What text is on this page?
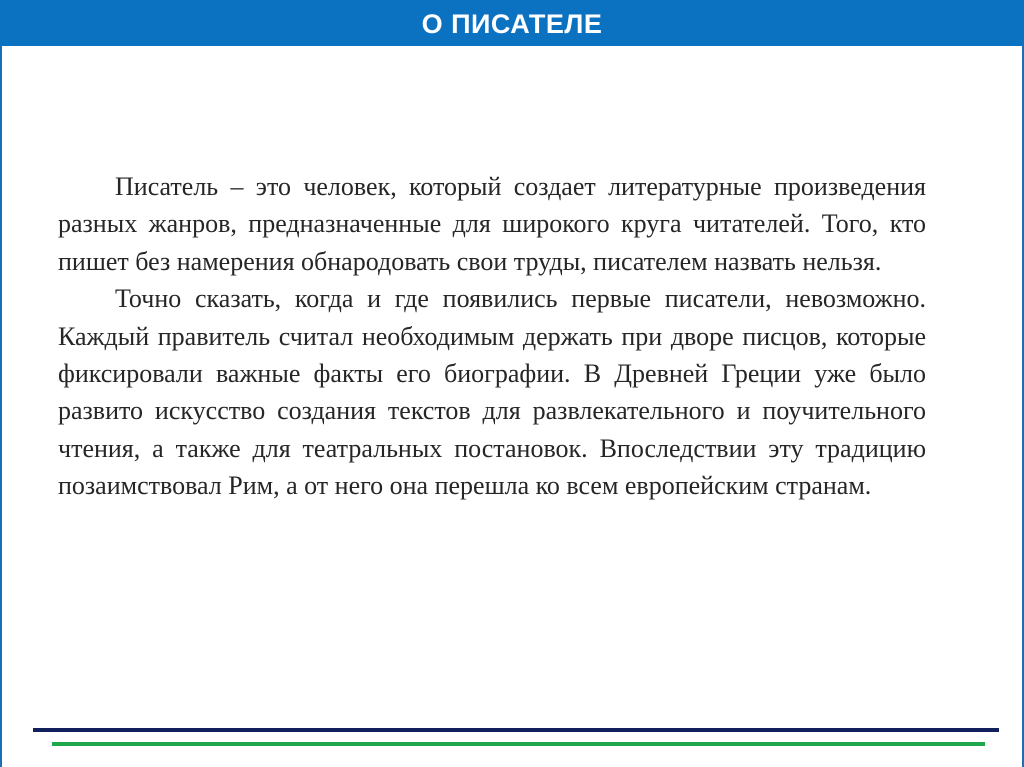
О ПИСАТЕЛЕ

Писатель – это человек, который создает литературные произведения разных жанров, предназначенные для широкого круга читателей. Того, кто пишет без намерения обнародовать свои труды, писателем назвать нельзя.

Точно сказать, когда и где появились первые писатели, невозможно. Каждый правитель считал необходимым держать при дворе писцов, которые фиксировали важные факты его биографии. В Древней Греции уже было развито искусство создания текстов для развлекательного и поучительного чтения, а также для театральных постановок. Впоследствии эту традицию позаимствовал Рим, а от него она перешла ко всем европейским странам.
